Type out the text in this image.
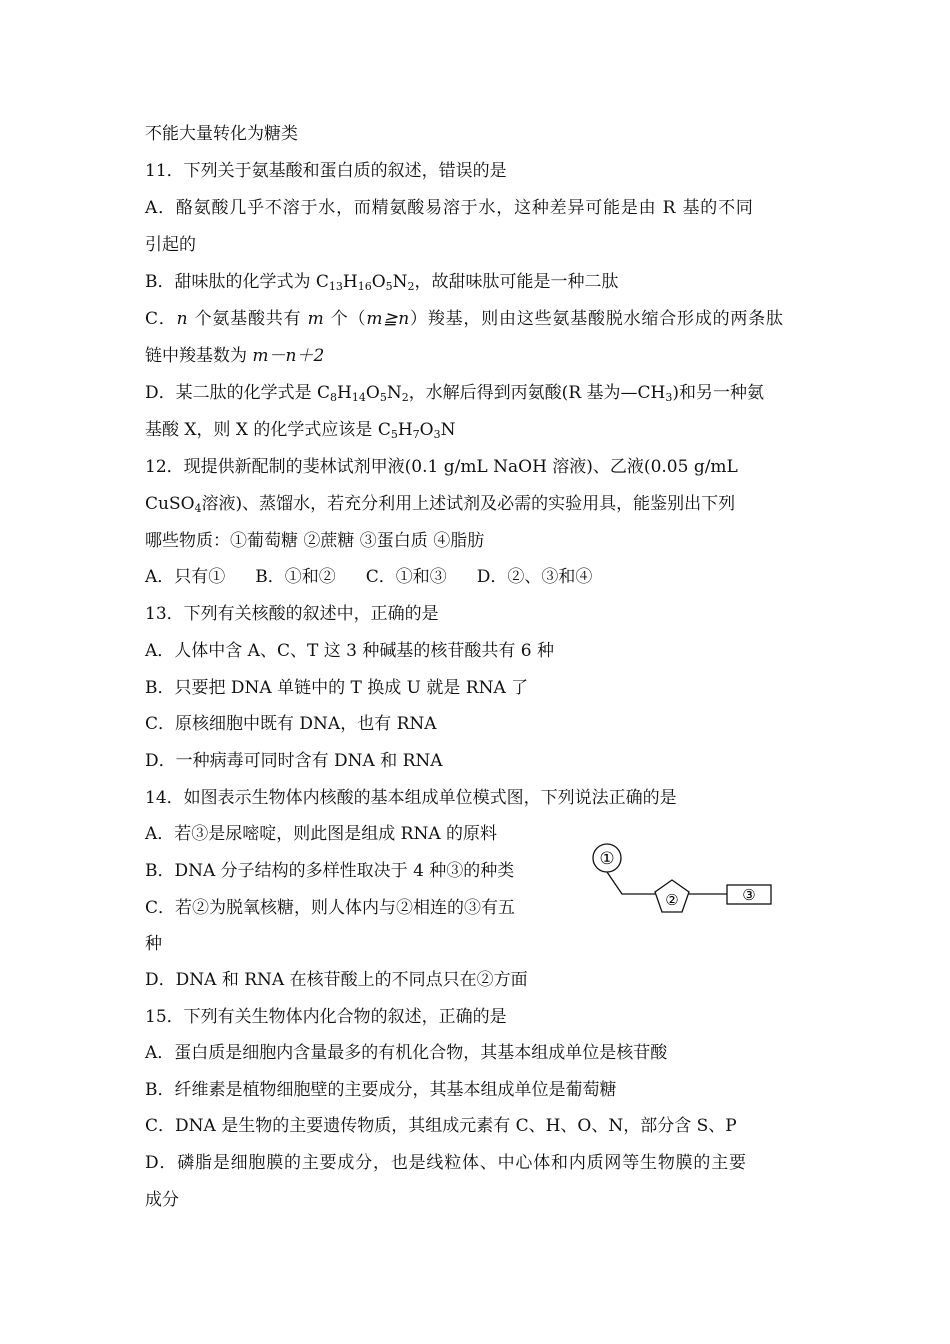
不能大量转化为糖类
11．下列关于氨基酸和蛋白质的叙述，错误的是
A．酪氨酸几乎不溶于水，而精氨酸易溶于水，这种差异可能是由 R 基的不同
引起的
B．甜味肽的化学式为 $C_{13}H_{16}O_5N_2$，故甜味肽可能是一种二肽
C．n 个氨基酸共有 m 个（m≧n）羧基，则由这些氨基酸脱水缩合形成的两条肽
链中羧基数为 m－n＋2
D．某二肽的化学式是 $C_8H_{14}O_5N_2$，水解后得到丙氨酸(R 基为$—CH_3$)和另一种氨
基酸 X，则 X 的化学式应该是 $C_5H_7O_3N$
12．现提供新配制的斐林试剂甲液(0.1 g/mL NaOH 溶液)、乙液(0.05 g/mL
CuSO$_4$溶液)、蒸馏水，若充分利用上述试剂及必需的实验用具，能鉴别出下列
哪些物质：①葡萄糖 ②蔗糖 ③蛋白质 ④脂肪
A．只有① B．①和② C．①和③ D．②、③和④
13．下列有关核酸的叙述中，正确的是
A．人体中含 A、C、T 这 3 种碱基的核苷酸共有 6 种
B．只要把 DNA 单链中的 T 换成 U 就是 RNA 了
C．原核细胞中既有 DNA，也有 RNA
D．一种病毒可同时含有 DNA 和 RNA
14．如图表示生物体内核酸的基本组成单位模式图，下列说法正确的是
A．若③是尿嘧啶，则此图是组成 RNA 的原料
B．DNA 分子结构的多样性取决于 4 种③的种类
C．若②为脱氧核糖，则人体内与②相连的③有五
种
D．DNA 和 RNA 在核苷酸上的不同点只在②方面
①
②	③
15．下列有关生物体内化合物的叙述，正确的是
A．蛋白质是细胞内含量最多的有机化合物，其基本组成单位是核苷酸
B．纤维素是植物细胞壁的主要成分，其基本组成单位是葡萄糖
C．DNA 是生物的主要遗传物质，其组成元素有 C、H、O、N，部分含 S、P
D．磷脂是细胞膜的主要成分，也是线粒体、中心体和内质网等生物膜的主要
成分
